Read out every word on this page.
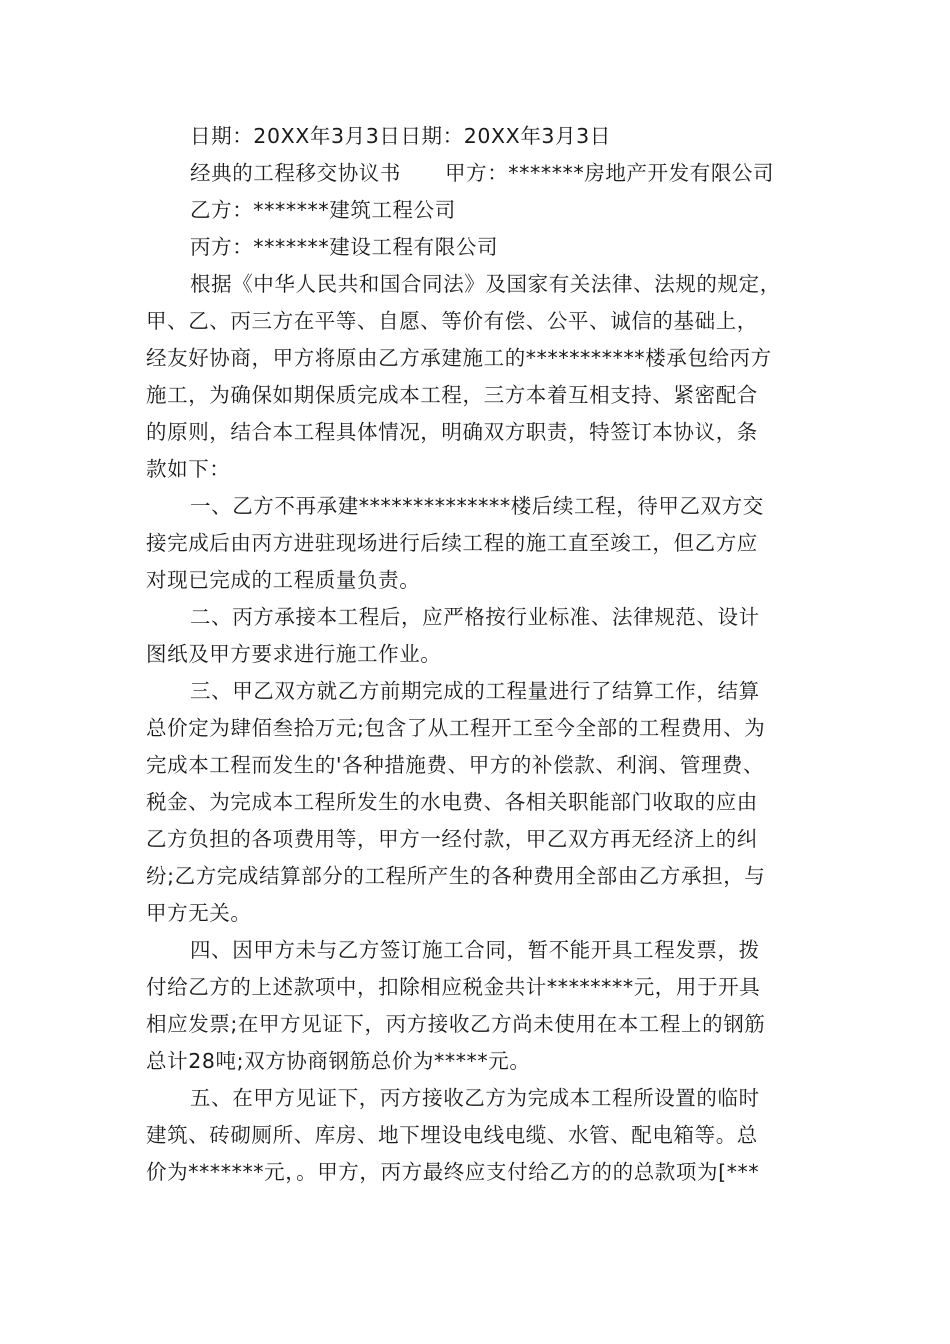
日期：20XX年3月3日日期：20XX年3月3日

经典的工程移交协议书 甲方：*******房地产开发有限公司

乙方：*******建筑工程公司

丙方：*******建设工程有限公司

根据《中华人民共和国合同法》及国家有关法律、法规的规定，

甲、乙、丙三方在平等、自愿、等价有偿、公平、诚信的基础上，

经友好协商，甲方将原由乙方承建施工的***********楼承包给丙方

施工，为确保如期保质完成本工程，三方本着互相支持、紧密配合

的原则，结合本工程具体情况，明确双方职责，特签订本协议，条

款如下：

一、乙方不再承建**************楼后续工程，待甲乙双方交

接完成后由丙方进驻现场进行后续工程的施工直至竣工，但乙方应

对现已完成的工程质量负责。

二、丙方承接本工程后，应严格按行业标准、法律规范、设计

图纸及甲方要求进行施工作业。

三、甲乙双方就乙方前期完成的工程量进行了结算工作，结算

总价定为肆佰叁拾万元;包含了从工程开工至今全部的工程费用、为

完成本工程而发生的'各种措施费、甲方的补偿款、利润、管理费、

税金、为完成本工程所发生的水电费、各相关职能部门收取的应由

乙方负担的各项费用等，甲方一经付款，甲乙双方再无经济上的纠

纷;乙方完成结算部分的工程所产生的各种费用全部由乙方承担，与

甲方无关。

四、因甲方未与乙方签订施工合同，暂不能开具工程发票，拨

付给乙方的上述款项中，扣除相应税金共计********元，用于开具

相应发票;在甲方见证下，丙方接收乙方尚未使用在本工程上的钢筋

总计28吨;双方协商钢筋总价为*****元。

五、在甲方见证下，丙方接收乙方为完成本工程所设置的临时

建筑、砖砌厕所、库房、地下埋设电线电缆、水管、配电箱等。总

价为*******元，。甲方，丙方最终应支付给乙方的的总款项为[***
